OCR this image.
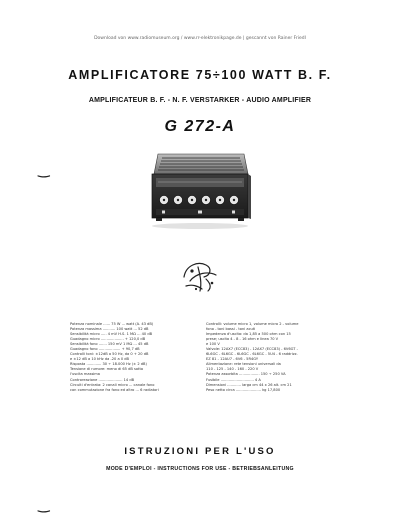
Download von www.radiomuseum.org / www.rr-elektronikpage.de | gescannt von Rainer Friedl
AMPLIFICATORE 75÷100 WATT B. F.
AMPLIFICATEUR B. F. - N. F. VERSTARKER - AUDIO AMPLIFIER
G 272-A
‿
‿
Potenza nominale ...... 75 W ... watt (A. 43 dB)
Potenza massima ........... 100 watt ... 52 dB
Sensibilità micro ..... 4 mV H.S. 1 MΩ ... 40 dB
Guadagno micro .................... + 120,0 dB
Sensibilità fono ....... 150 mV 1 MΩ ... 45 dB
Guadagno fono ................... + 90,7 dB
Controlli toni: ±12dB a 50 Hz, da 0 + 20 dB
e ±12 dB a 10 kHz da -20 a 0 dB
Risposta ............. 30 ÷ 18.000 Hz (± 2 dB)
Tensione di rumore: meno di 65 dB sotto
l'uscita massima
Controreazione ..................... 14 dB
Circuiti d'entrata: 2 canali micro ... canale fono
con commutazione fra fono ed altro ... 6 radiatori
Controlli: volume micro 1, volume micro 2 - volume
fono - toni bassi - toni acuti
Impedenza d'uscita: da 1,85 a 500 ohm con 15
prese; uscita 4 - 8 - 16 ohm e linea 70 V
e 100 V
Valvole: 12AX7 (ECC83) - 12AX7 (ECC83) - 6V6GT -
6L6GC - 6L6GC - 6L6GC - 6L6GC - 5U4 - 6 raddrizz.
EZ 81 - 12AU7 - 6V6 - 5R4GY
Alimentazione: rete tensioni universali da
110 - 125 - 140 - 160 - 220 V
Potenza assorbita .................. 150 ÷ 250 VA
Fusibile ............................. 4 A
Dimensioni ............ larga cm 44 x 26 alt. cm 21
Peso netto circa ...................... kg 17,800
ISTRUZIONI PER L'USO
MODE D'EMPLOI - INSTRUCTIONS FOR USE - BETRIEBSANLEITUNG
